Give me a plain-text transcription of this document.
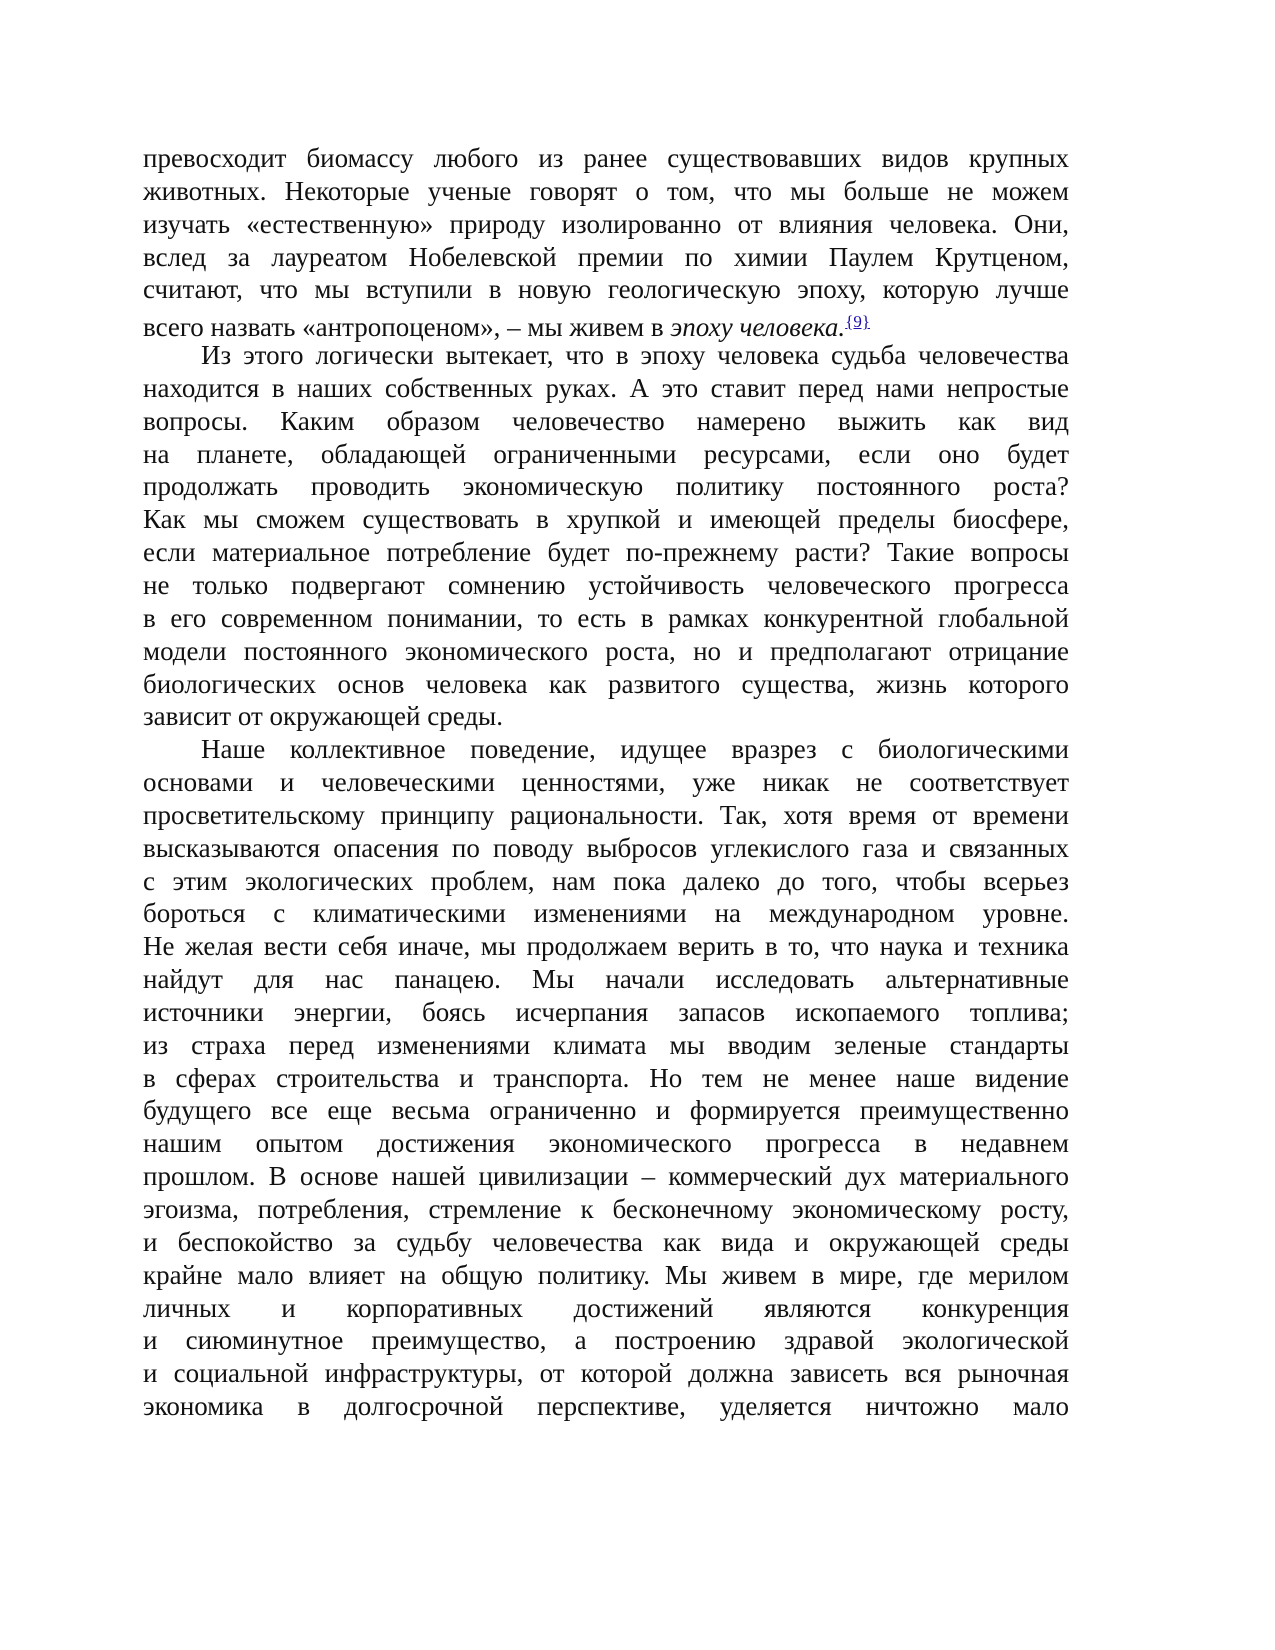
превосходит биомассу любого из ранее существовавших видов крупных
животных. Некоторые ученые говорят о том, что мы больше не можем
изучать «естественную» природу изолированно от влияния человека. Они,
вслед за лауреатом Нобелевской премии по химии Паулем Крутценом,
считают, что мы вступили в новую геологическую эпоху, которую лучше
всего назвать «антропоценом», – мы живем в эпоху человека.$^{\{9\}}$
Из этого логически вытекает, что в эпоху человека судьба человечества
находится в наших собственных руках. А это ставит перед нами непростые
вопросы. Каким образом человечество намерено выжить как вид
на планете, обладающей ограниченными ресурсами, если оно будет
продолжать проводить экономическую политику постоянного роста?
Как мы сможем существовать в хрупкой и имеющей пределы биосфере,
если материальное потребление будет по-прежнему расти? Такие вопросы
не только подвергают сомнению устойчивость человеческого прогресса
в его современном понимании, то есть в рамках конкурентной глобальной
модели постоянного экономического роста, но и предполагают отрицание
биологических основ человека как развитого существа, жизнь которого
зависит от окружающей среды.
Наше коллективное поведение, идущее вразрез с биологическими
основами и человеческими ценностями, уже никак не соответствует
просветительскому принципу рациональности. Так, хотя время от времени
высказываются опасения по поводу выбросов углекислого газа и связанных
с этим экологических проблем, нам пока далеко до того, чтобы всерьез
бороться с климатическими изменениями на международном уровне.
Не желая вести себя иначе, мы продолжаем верить в то, что наука и техника
найдут для нас панацею. Мы начали исследовать альтернативные
источники энергии, боясь исчерпания запасов ископаемого топлива;
из страха перед изменениями климата мы вводим зеленые стандарты
в сферах строительства и транспорта. Но тем не менее наше видение
будущего все еще весьма ограниченно и формируется преимущественно
нашим опытом достижения экономического прогресса в недавнем
прошлом. В основе нашей цивилизации – коммерческий дух материального
эгоизма, потребления, стремление к бесконечному экономическому росту,
и беспокойство за судьбу человечества как вида и окружающей среды
крайне мало влияет на общую политику. Мы живем в мире, где мерилом
личных и корпоративных достижений являются конкуренция
и сиюминутное преимущество, а построению здравой экологической
и социальной инфраструктуры, от которой должна зависеть вся рыночная
экономика в долгосрочной перспективе, уделяется ничтожно мало
